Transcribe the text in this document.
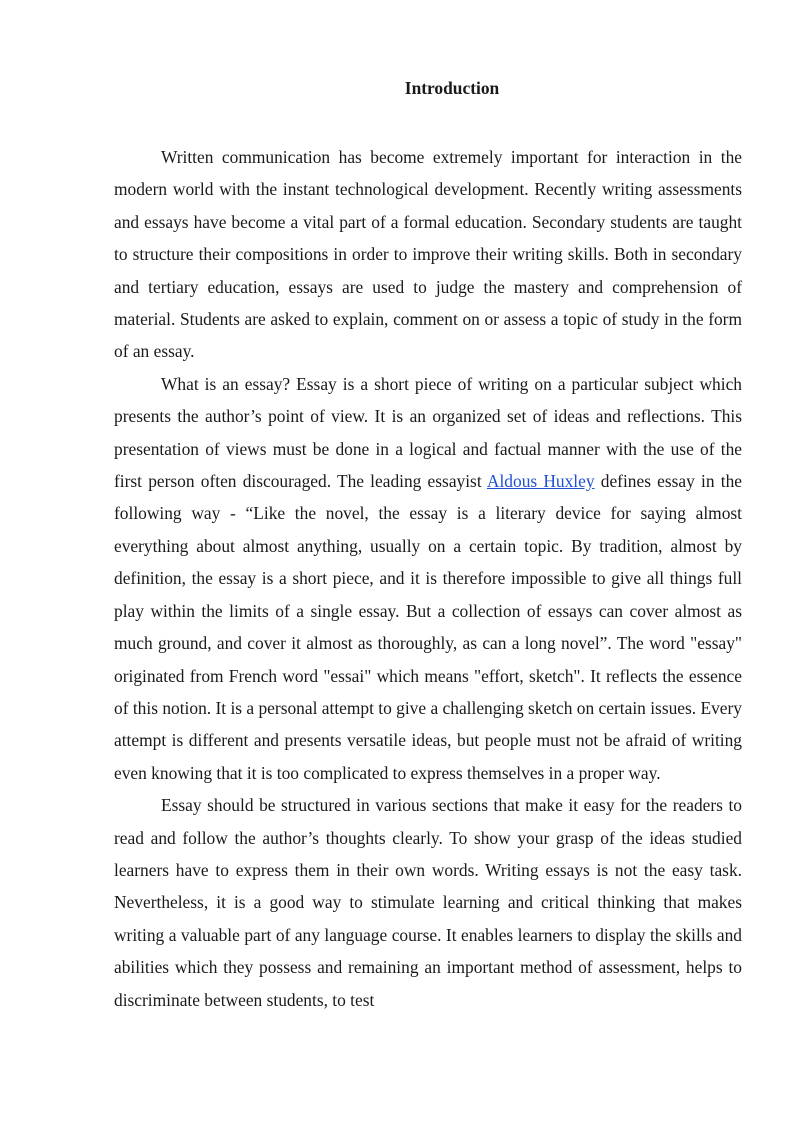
Introduction

Written communication has become extremely important for interaction in the modern world with the instant technological development. Recently writing assessments and essays have become a vital part of a formal education. Secondary students are taught to structure their compositions in order to improve their writing skills. Both in secondary and tertiary education, essays are used to judge the mastery and comprehension of material. Students are asked to explain, comment on or assess a topic of study in the form of an essay.

What is an essay? Essay is a short piece of writing on a particular subject which presents the author’s point of view. It is an organized set of ideas and reflections. This presentation of views must be done in a logical and factual manner with the use of the first person often discouraged. The leading essayist Aldous Huxley defines essay in the following way - “Like the novel, the essay is a literary device for saying almost everything about almost anything, usually on a certain topic. By tradition, almost by definition, the essay is a short piece, and it is therefore impossible to give all things full play within the limits of a single essay. But a collection of essays can cover almost as much ground, and cover it almost as thoroughly, as can a long novel”. The word "essay" originated from French word "essai" which means "effort, sketch". It reflects the essence of this notion. It is a personal attempt to give a challenging sketch on certain issues. Every attempt is different and presents versatile ideas, but people must not be afraid of writing even knowing that it is too complicated to express themselves in a proper way.

Essay should be structured in various sections that make it easy for the readers to read and follow the author’s thoughts clearly. To show your grasp of the ideas studied learners have to express them in their own words. Writing essays is not the easy task. Nevertheless, it is a good way to stimulate learning and critical thinking that makes writing a valuable part of any language course. It enables learners to display the skills and abilities which they possess and remaining an important method of assessment, helps to discriminate between students, to test
